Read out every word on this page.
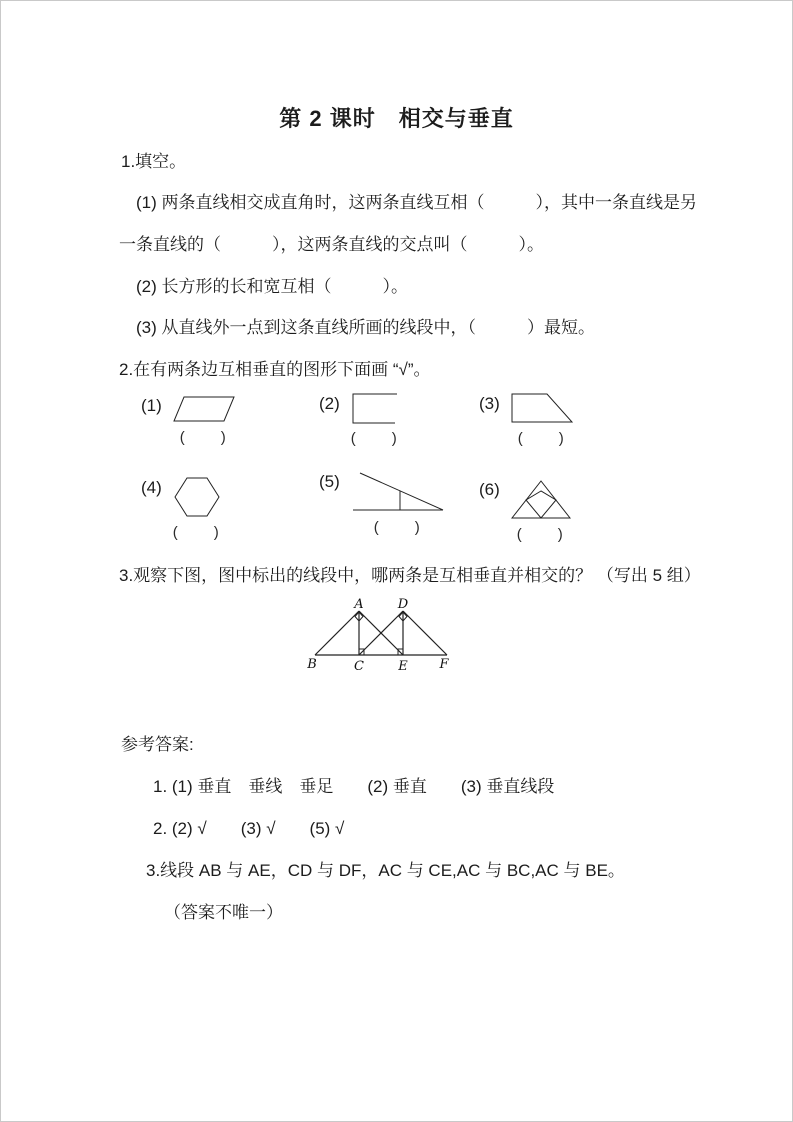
第 2 课时　相交与垂直
1.填空。
(1) 两条直线相交成直角时，这两条直线互相（　　　），其中一条直线是另
一条直线的（　　　），这两条直线的交点叫（　　　）。
(2) 长方形的长和宽互相（　　　）。
(3) 从直线外一点到这条直线所画的线段中，（　　　）最短。
2.在有两条边互相垂直的图形下面画 “√”。
(1)
(　　)
(2)
(　　)
(3)
(　　)
(4)
(　　)
(5)
(　　)
(6)
(　　)
3.观察下图，图中标出的线段中，哪两条是互相垂直并相交的？ （写出 5 组）
A	D
B	C	E F
参考答案:
1. (1) 垂直　垂线　垂足　　(2) 垂直　　(3) 垂直线段
2. (2) √　　(3) √　　(5) √
3.线段 AB 与 AE，CD 与 DF，AC 与 CE,AC 与 BC,AC 与 BE。
（答案不唯一）
